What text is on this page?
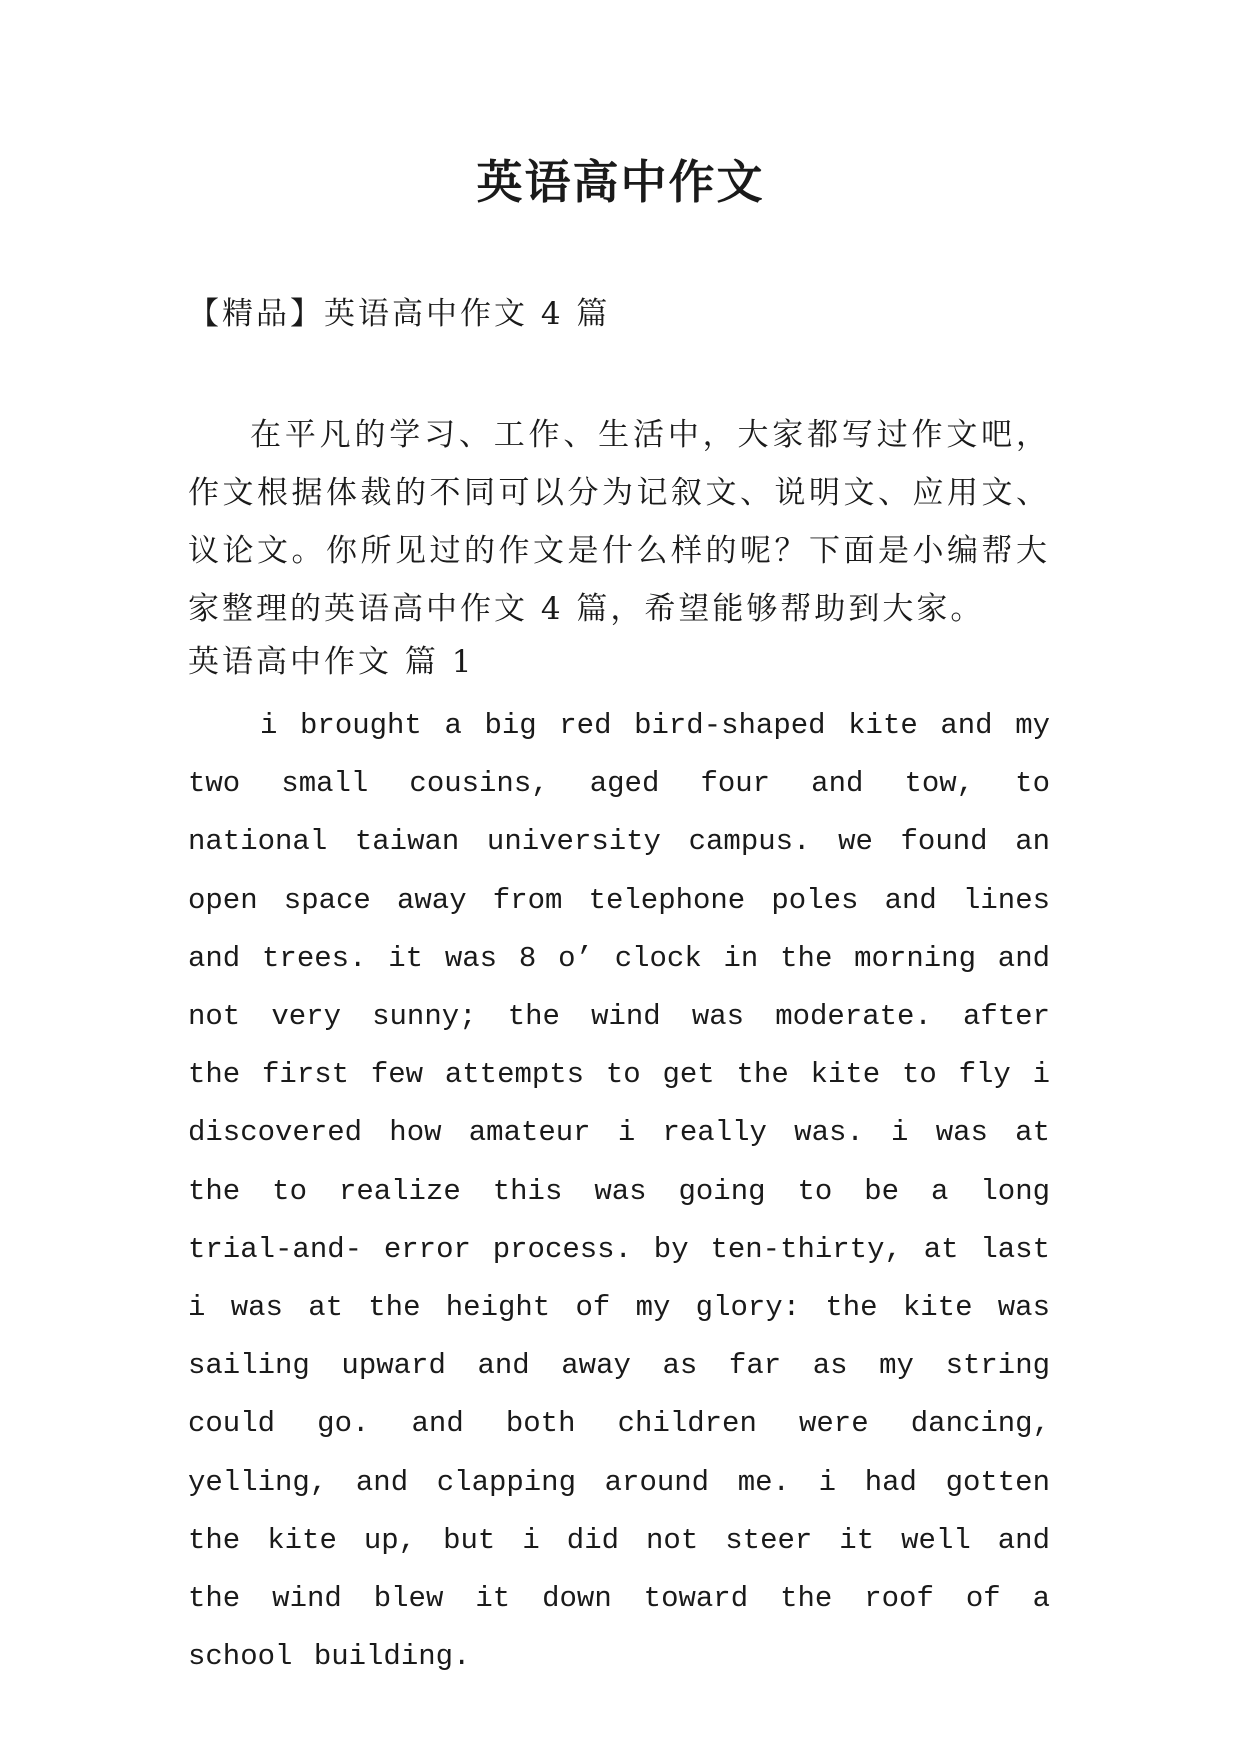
英语高中作文

【精品】英语高中作文 4 篇

在平凡的学习、工作、生活中，大家都写过作文吧，作文根据体裁的不同可以分为记叙文、说明文、应用文、议论文。你所见过的作文是什么样的呢？下面是小编帮大家整理的英语高中作文 4 篇，希望能够帮助到大家。

英语高中作文 篇 1

i brought a big red bird-shaped kite and my two small cousins, aged four and tow, to national taiwan university campus. we found an open space away from telephone poles and lines and trees. it was 8 o’ clock in the morning and not very sunny; the wind was moderate. after the first few attempts to get the kite to fly i discovered how amateur i really was. i was at the to realize this was going to be a long trial-and- error process. by ten-thirty, at last i was at the height of my glory: the kite was sailing upward and away as far as my string could go. and both children were dancing, yelling, and clapping around me. i had gotten the kite up, but i did not steer it well and the wind blew it down toward the roof of a school building.
